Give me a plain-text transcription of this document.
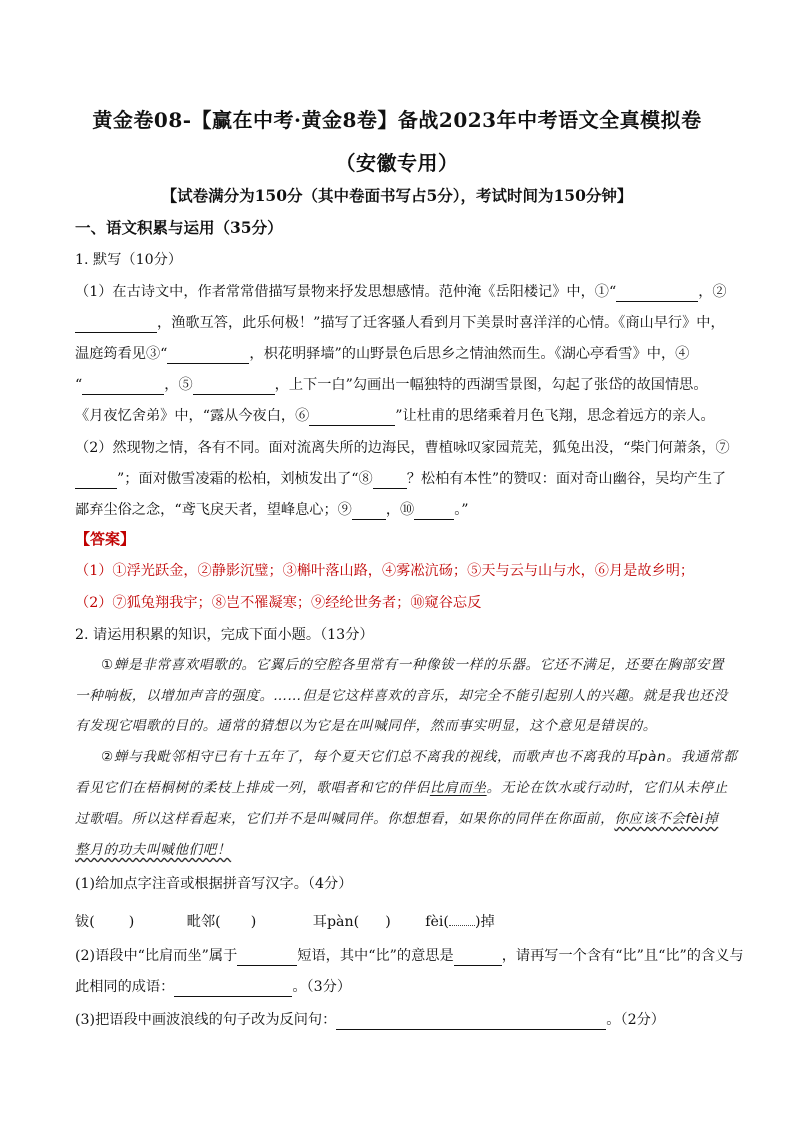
黄金卷08-【赢在中考·黄金8卷】备战2023年中考语文全真模拟卷
（安徽专用）
【试卷满分为150分（其中卷面书写占5分），考试时间为150分钟】
一、语文积累与运用（35分）
1. 默写（10分）
（1）在古诗文中，作者常常借描写景物来抒发思想感情。范仲淹《岳阳楼记》中，①“	，②
，渔歌互答，此乐何极！”描写了迁客骚人看到月下美景时喜洋洋的心情。《商山早行》中，
温庭筠看见③“	，枳花明驿墙”的山野景色后思乡之情油然而生。《湖心亭看雪》中，④
“	，⑤	，上下一白”勾画出一幅独特的西湖雪景图，勾起了张岱的故国情思。
《月夜忆舍弟》中，“露从今夜白，⑥	”让杜甫的思绪乘着月色飞翔，思念着远方的亲人。
（2）然现物之情，各有不同。面对流离失所的边海民，曹植咏叹家园荒芜，狐兔出没，“柴门何萧条，⑦
”；面对傲雪凌霜的松柏，刘桢发出了“⑧ ？松柏有本性”的赞叹：面对奇山幽谷，吴均产生了
鄙弃尘俗之念，“鸢飞戾天者，望峰息心；⑨ ，⑩	。”
【答案】
（1）①浮光跃金，②静影沉璧；③槲叶落山路，④雾凇沆砀；⑤天与云与山与水，⑥月是故乡明；
（2）⑦狐兔翔我宇；⑧岂不罹凝寒；⑨经纶世务者；⑩窥谷忘反
2. 请运用积累的知识，完成下面小题。（13分）
①蝉是非常喜欢唱歌的。它翼后的空腔各里常有一种像钹一样的乐器。它还不满足，还要在胸部安置
一种响板，以增加声音的强度。……但是它这样喜欢的音乐，却完全不能引起别人的兴趣。就是我也还没
有发现它唱歌的目的。通常的猜想以为它是在叫喊同伴，然而事实明显，这个意见是错误的。
②蝉与我毗邻相守已有十五年了，每个夏天它们总不离我的视线，而歌声也不离我的耳pàn。我通常都
看见它们在梧桐树的柔枝上排成一列，歌唱者和它的伴侣比肩而坐。无论在饮水或行动时，它们从未停止
过歌唱。所以这样看起来，它们并不是叫喊同伴。你想想看，如果你的同伴在你面前，你应该不会fèi掉
整月的功夫叫喊他们吧！
(1)给加点字注音或根据拼音写汉字。（4分）
钹( )	毗邻( )	耳pàn( ) fèi( )掉
(2)语段中“比肩而坐”属于	短语，其中“比”的意思是	，请再写一个含有“比”且“比”的含义与
此相同的成语：	。（3分）
(3)把语段中画波浪线的句子改为反问句：	。（2分）
